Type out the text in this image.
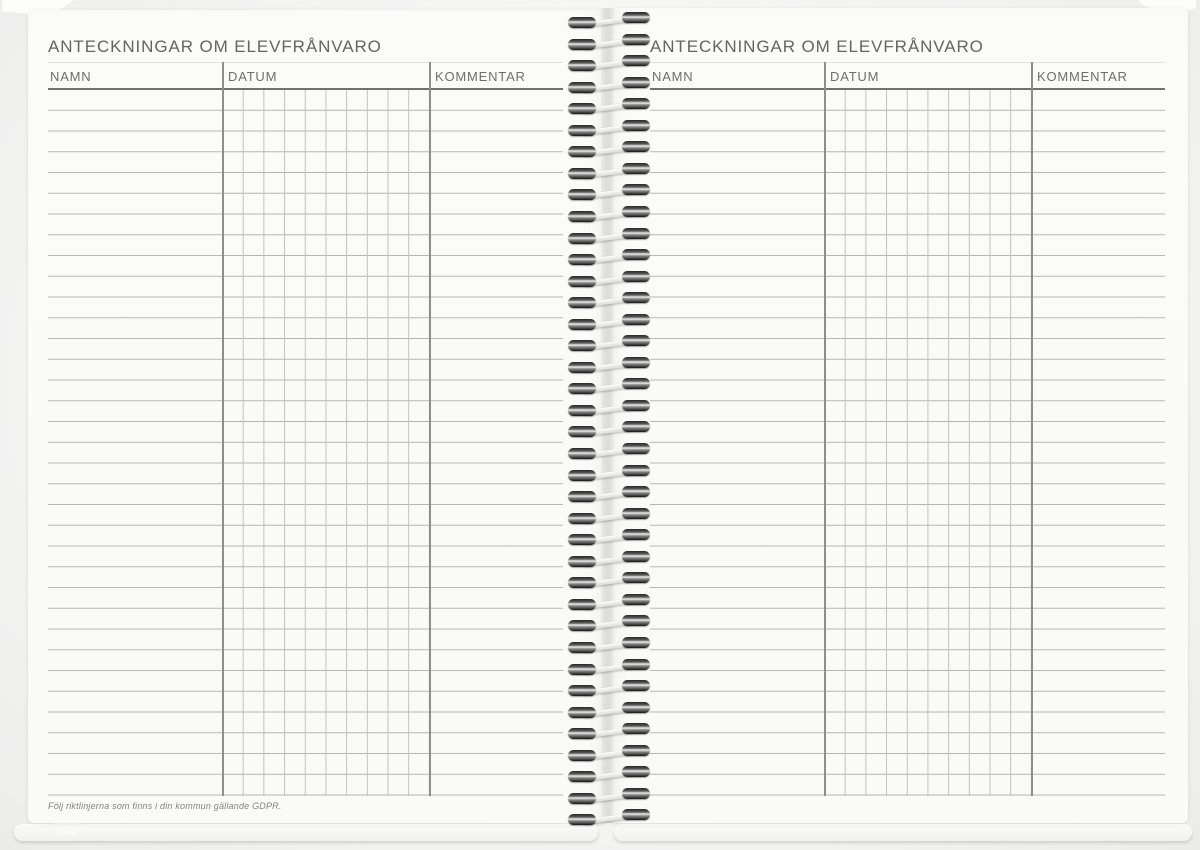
ANTECKNINGAR OM ELEVFRÅNVARO
NAMN	DATUM	KOMMENTAR
Följ riktlinjerna som finns i din kommun gällande GDPR.
ANTECKNINGAR OM ELEVFRÅNVARO
NAMN	DATUM	KOMMENTAR
